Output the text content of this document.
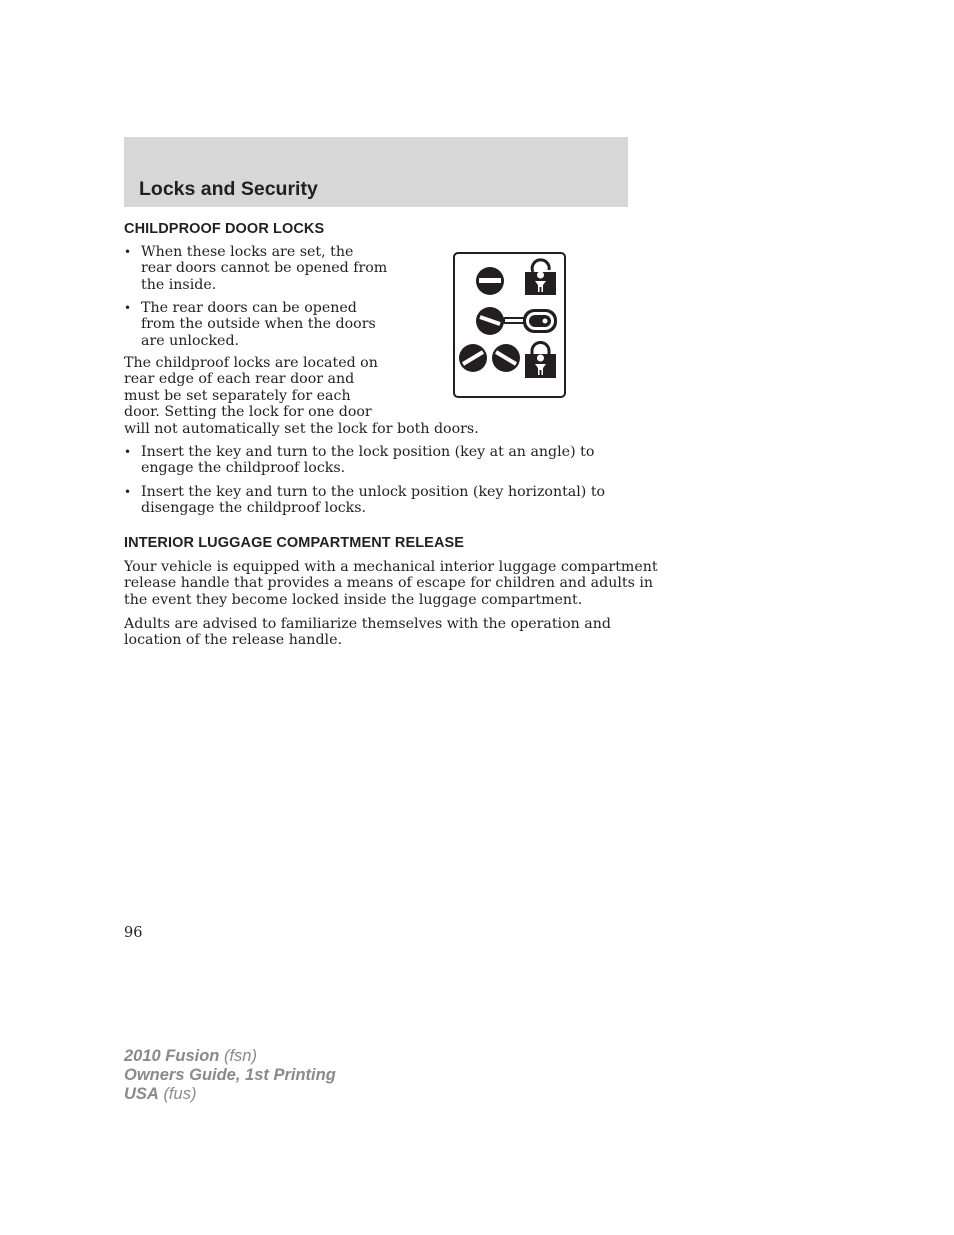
Locks and Security
CHILDPROOF DOOR LOCKS
• When these locks are set, the
rear doors cannot be opened from
the inside.
• The rear doors can be opened
from the outside when the doors
are unlocked.
The childproof locks are located on
rear edge of each rear door and
must be set separately for each
door. Setting the lock for one door
will not automatically set the lock for both doors.
• Insert the key and turn to the lock position (key at an angle) to
engage the childproof locks.
• Insert the key and turn to the unlock position (key horizontal) to
disengage the childproof locks.
INTERIOR LUGGAGE COMPARTMENT RELEASE
Your vehicle is equipped with a mechanical interior luggage compartment
release handle that provides a means of escape for children and adults in
the event they become locked inside the luggage compartment.
Adults are advised to familiarize themselves with the operation and
location of the release handle.

96

2010 Fusion (fsn)
Owners Guide, 1st Printing
USA (fus)
